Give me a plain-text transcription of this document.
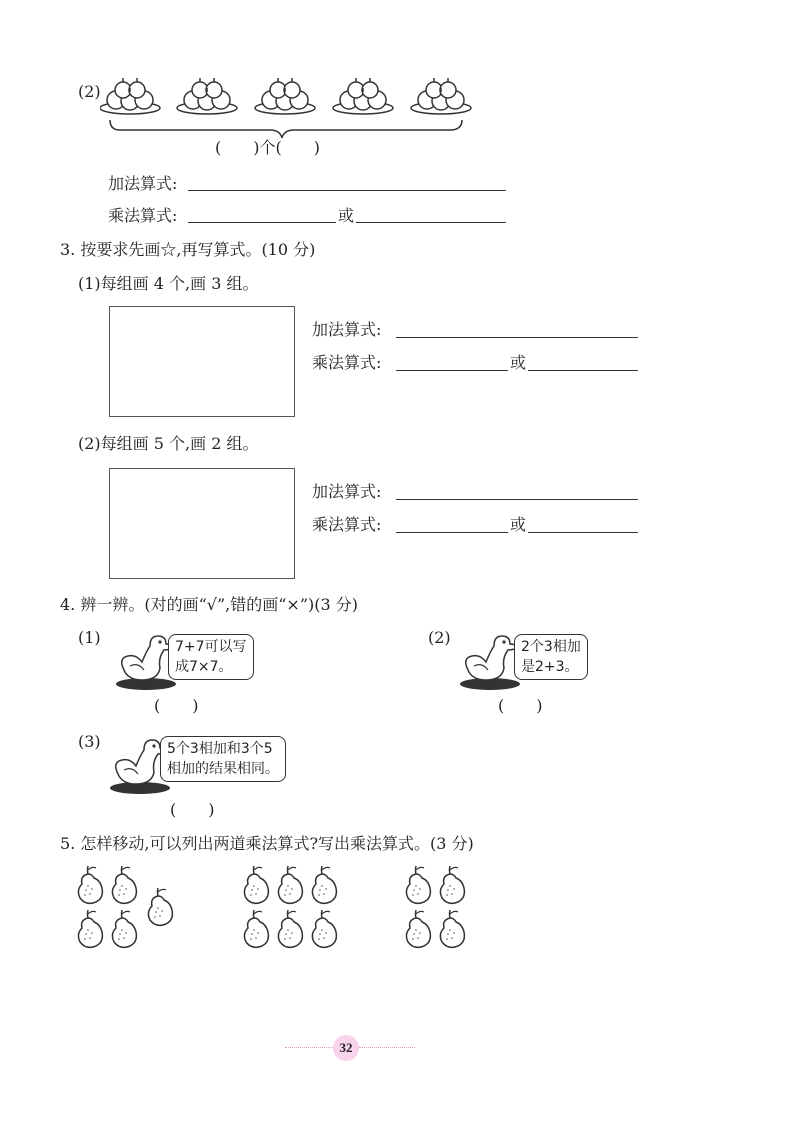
(2)
(　　)个(　　)
加法算式:
乘法算式:	或
3. 按要求先画☆,再写算式。(10 分)
(1)每组画 4 个,画 3 组。
加法算式:
乘法算式:	或
(2)每组画 5 个,画 2 组。
加法算式:
乘法算式:	或
4. 辨一辨。(对的画“√”,错的画“×”)(3 分)
(1)	7+7可以写
成7×7。
(　　)
(2)	2个3相加
是2+3。
(　　)
(3)	5个3相加和3个5
相加的结果相同。
(　　)
5. 怎样移动,可以列出两道乘法算式?写出乘法算式。(3 分)
32
